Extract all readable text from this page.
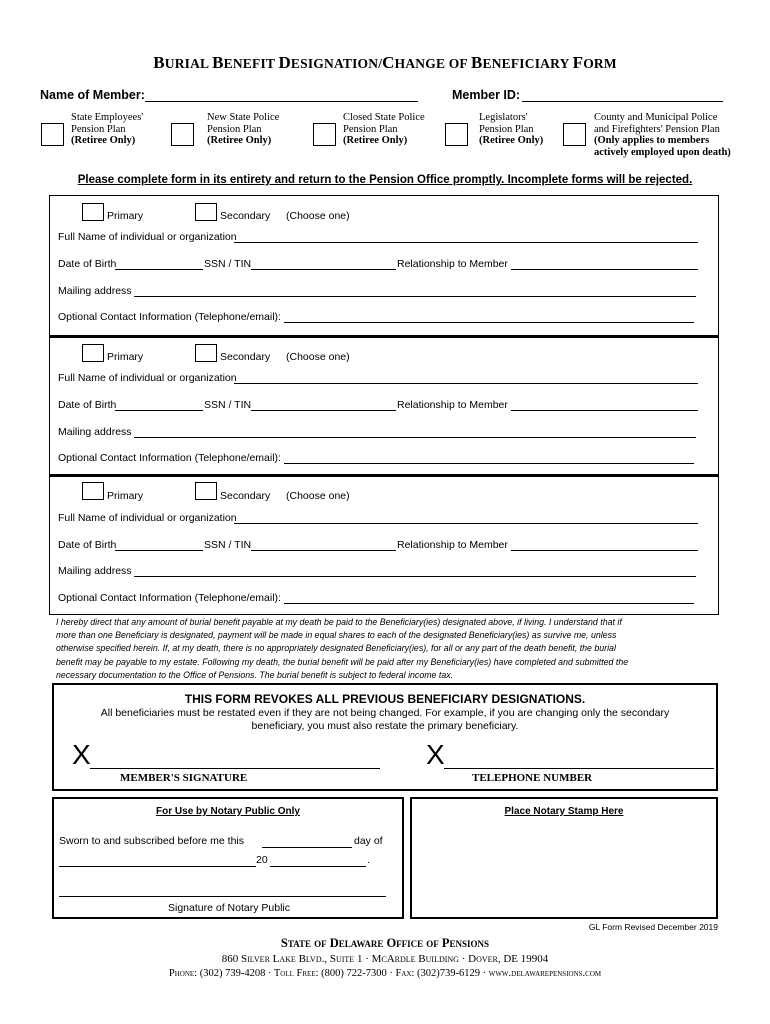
BURIAL BENEFIT DESIGNATION/CHANGE OF BENEFICIARY FORM
Name of Member:	Member ID:
State Employees'
Pension Plan
(Retiree Only)
New State Police
Pension Plan
(Retiree Only)
Closed State Police
Pension Plan
(Retiree Only)
Legislators'
Pension Plan
(Retiree Only)
County and Municipal Police
and Firefighters' Pension Plan
(Only applies to members
actively employed upon death)
Please complete form in its entirety and return to the Pension Office promptly. Incomplete forms will be rejected.
Primary	Secondary (Choose one)
Full Name of individual or organization
Date of Birth	SSN / TIN	Relationship to Member
Mailing address
Optional Contact Information (Telephone/email):
Primary	Secondary (Choose one)
Full Name of individual or organization
Date of Birth	SSN / TIN	Relationship to Member
Mailing address
Optional Contact Information (Telephone/email):
Primary	Secondary (Choose one)
Full Name of individual or organization
Date of Birth	SSN / TIN	Relationship to Member
Mailing address
Optional Contact Information (Telephone/email):
I hereby direct that any amount of burial benefit payable at my death be paid to the Beneficiary(ies) designated above, if living. I understand that if
more than one Beneficiary is designated, payment will be made in equal shares to each of the designated Beneficiary(ies) as survive me, unless
otherwise specified herein. If, at my death, there is no appropriately designated Beneficiary(ies), for all or any part of the death benefit, the burial
benefit may be payable to my estate. Following my death, the burial benefit will be paid after my Beneficiary(ies) have completed and submitted the
necessary documentation to the Office of Pensions. The burial benefit is subject to federal income tax.
THIS FORM REVOKES ALL PREVIOUS BENEFICIARY DESIGNATIONS.
All beneficiaries must be restated even if they are not being changed. For example, if you are changing only the secondary
beneficiary, you must also restate the primary beneficiary.
X
MEMBER'S SIGNATURE
X
TELEPHONE NUMBER
For Use by Notary Public Only
Sworn to and subscribed before me this	day of
20	.
Signature of Notary Public
Place Notary Stamp Here
GL Form Revised December 2019
State of Delaware Office of Pensions
860 Silver Lake Blvd., Suite 1 · McArdle Building · Dover, DE 19904
Phone: (302) 739-4208 · Toll Free: (800) 722-7300 · Fax: (302)739-6129 · www.delawarepensions.com
